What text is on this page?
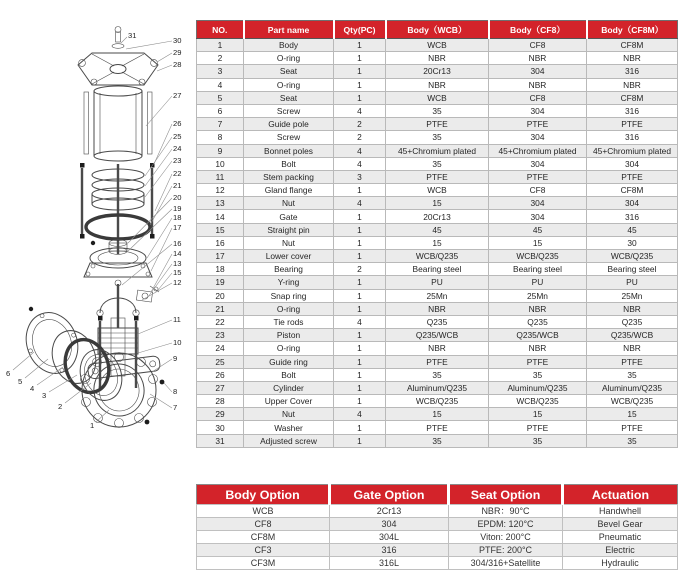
31
30
29
28
27
26
25
24
23
22
21
20
19
18
17
16
14
13
15
12
11
10
9
8
7
6
5
4
3
2
1
NO.	Part name	Qty(PC)	Body（WCB）	Body（CF8）	Body（CF8M）
1	Body	1	WCB	CF8	CF8M
2	O-ring	1	NBR	NBR	NBR
3	Seat	1	20Cr13	304	316
4	O-ring	1	NBR	NBR	NBR
5	Seat	1	WCB	CF8	CF8M
6	Screw	4	35	304	316
7	Guide pole	2	PTFE	PTFE	PTFE
8	Screw	2	35	304	316
9	Bonnet poles	4	45+Chromium plated	45+Chromium plated	45+Chromium plated
10	Bolt	4	35	304	304
11	Stem packing	3	PTFE	PTFE	PTFE
12	Gland flange	1	WCB	CF8	CF8M
13	Nut	4	15	304	304
14	Gate	1	20Cr13	304	316
15	Straight pin	1	45	45	45
16	Nut	1	15	15	30
17	Lower cover	1	WCB/Q235	WCB/Q235	WCB/Q235
18	Bearing	2	Bearing steel	Bearing steel	Bearing steel
19	Y-ring	1	PU	PU	PU
20	Snap ring	1	25Mn	25Mn	25Mn
21	O-ring	1	NBR	NBR	NBR
22	Tie rods	4	Q235	Q235	Q235
23	Piston	1	Q235/WCB	Q235/WCB	Q235/WCB
24	O-ring	1	NBR	NBR	NBR
25	Guide ring	1	PTFE	PTFE	PTFE
26	Bolt	1	35	35	35
27	Cylinder	1	Aluminum/Q235	Aluminum/Q235	Aluminum/Q235
28	Upper Cover	1	WCB/Q235	WCB/Q235	WCB/Q235
29	Nut	4	15	15	15
30	Washer	1	PTFE	PTFE	PTFE
31	Adjusted screw	1	35	35	35
Body Option	Gate Option	Seat Option	Actuation
WCB	2Cr13	NBR：90°C	Handwhell
CF8	304	EPDM: 120°C	Bevel Gear
CF8M	304L	Viton: 200°C	Pneumatic
CF3	316	PTFE: 200°C	Electric
CF3M	316L	304/316+Satellite	Hydraulic
